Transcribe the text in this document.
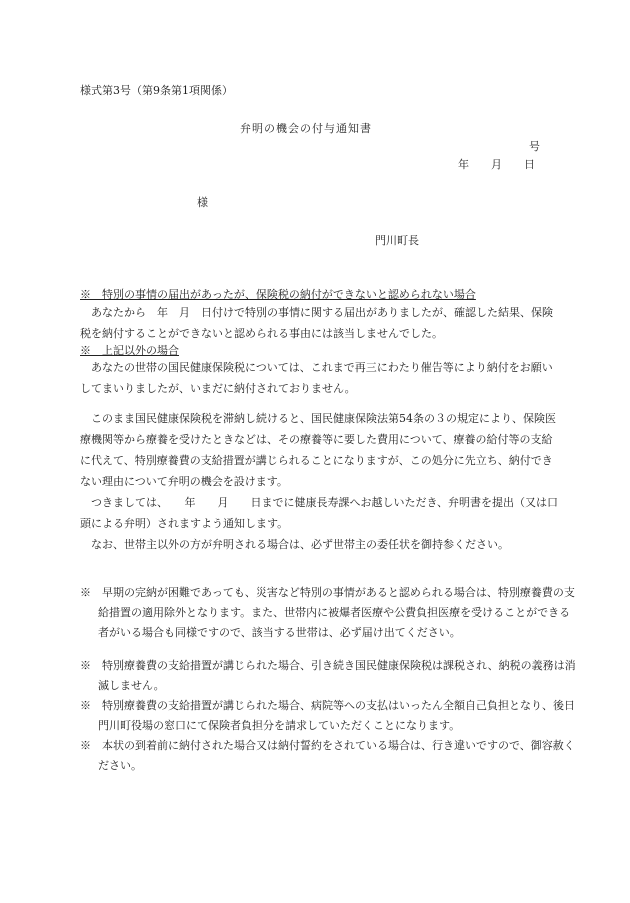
様式第3号（第9条第1項関係）
弁明の機会の付与通知書
号
年　　月　　日
様
門川町長
※　特別の事情の届出があったが、保険税の納付ができないと認められない場合
あなたから　年　月　日付けで特別の事情に関する届出がありましたが、確認した結果、保険税を納付することができないと認められる事由には該当しませんでした。
※　上記以外の場合
あなたの世帯の国民健康保険税については、これまで再三にわたり催告等により納付をお願いしてまいりましたが、いまだに納付されておりません。
このまま国民健康保険税を滞納し続けると、国民健康保険法第54条の３の規定により、保険医療機関等から療養を受けたときなどは、その療養等に要した費用について、療養の給付等の支給に代えて、特別療養費の支給措置が講じられることになりますが、この処分に先立ち、納付できない理由について弁明の機会を設けます。
つきましては、　　年　　月　　日までに健康長寿課へお越しいただき、弁明書を提出（又は口頭による弁明）されますよう通知します。
なお、世帯主以外の方が弁明される場合は、必ず世帯主の委任状を御持参ください。
※　早期の完納が困難であっても、災害など特別の事情があると認められる場合は、特別療養費の支給措置の適用除外となります。また、世帯内に被爆者医療や公費負担医療を受けることができる者がいる場合も同様ですので、該当する世帯は、必ず届け出てください。
※　特別療養費の支給措置が講じられた場合、引き続き国民健康保険税は課税され、納税の義務は消滅しません。
※　特別療養費の支給措置が講じられた場合、病院等への支払はいったん全額自己負担となり、後日門川町役場の窓口にて保険者負担分を請求していただくことになります。
※　本状の到着前に納付された場合又は納付誓約をされている場合は、行き違いですので、御容赦ください。
